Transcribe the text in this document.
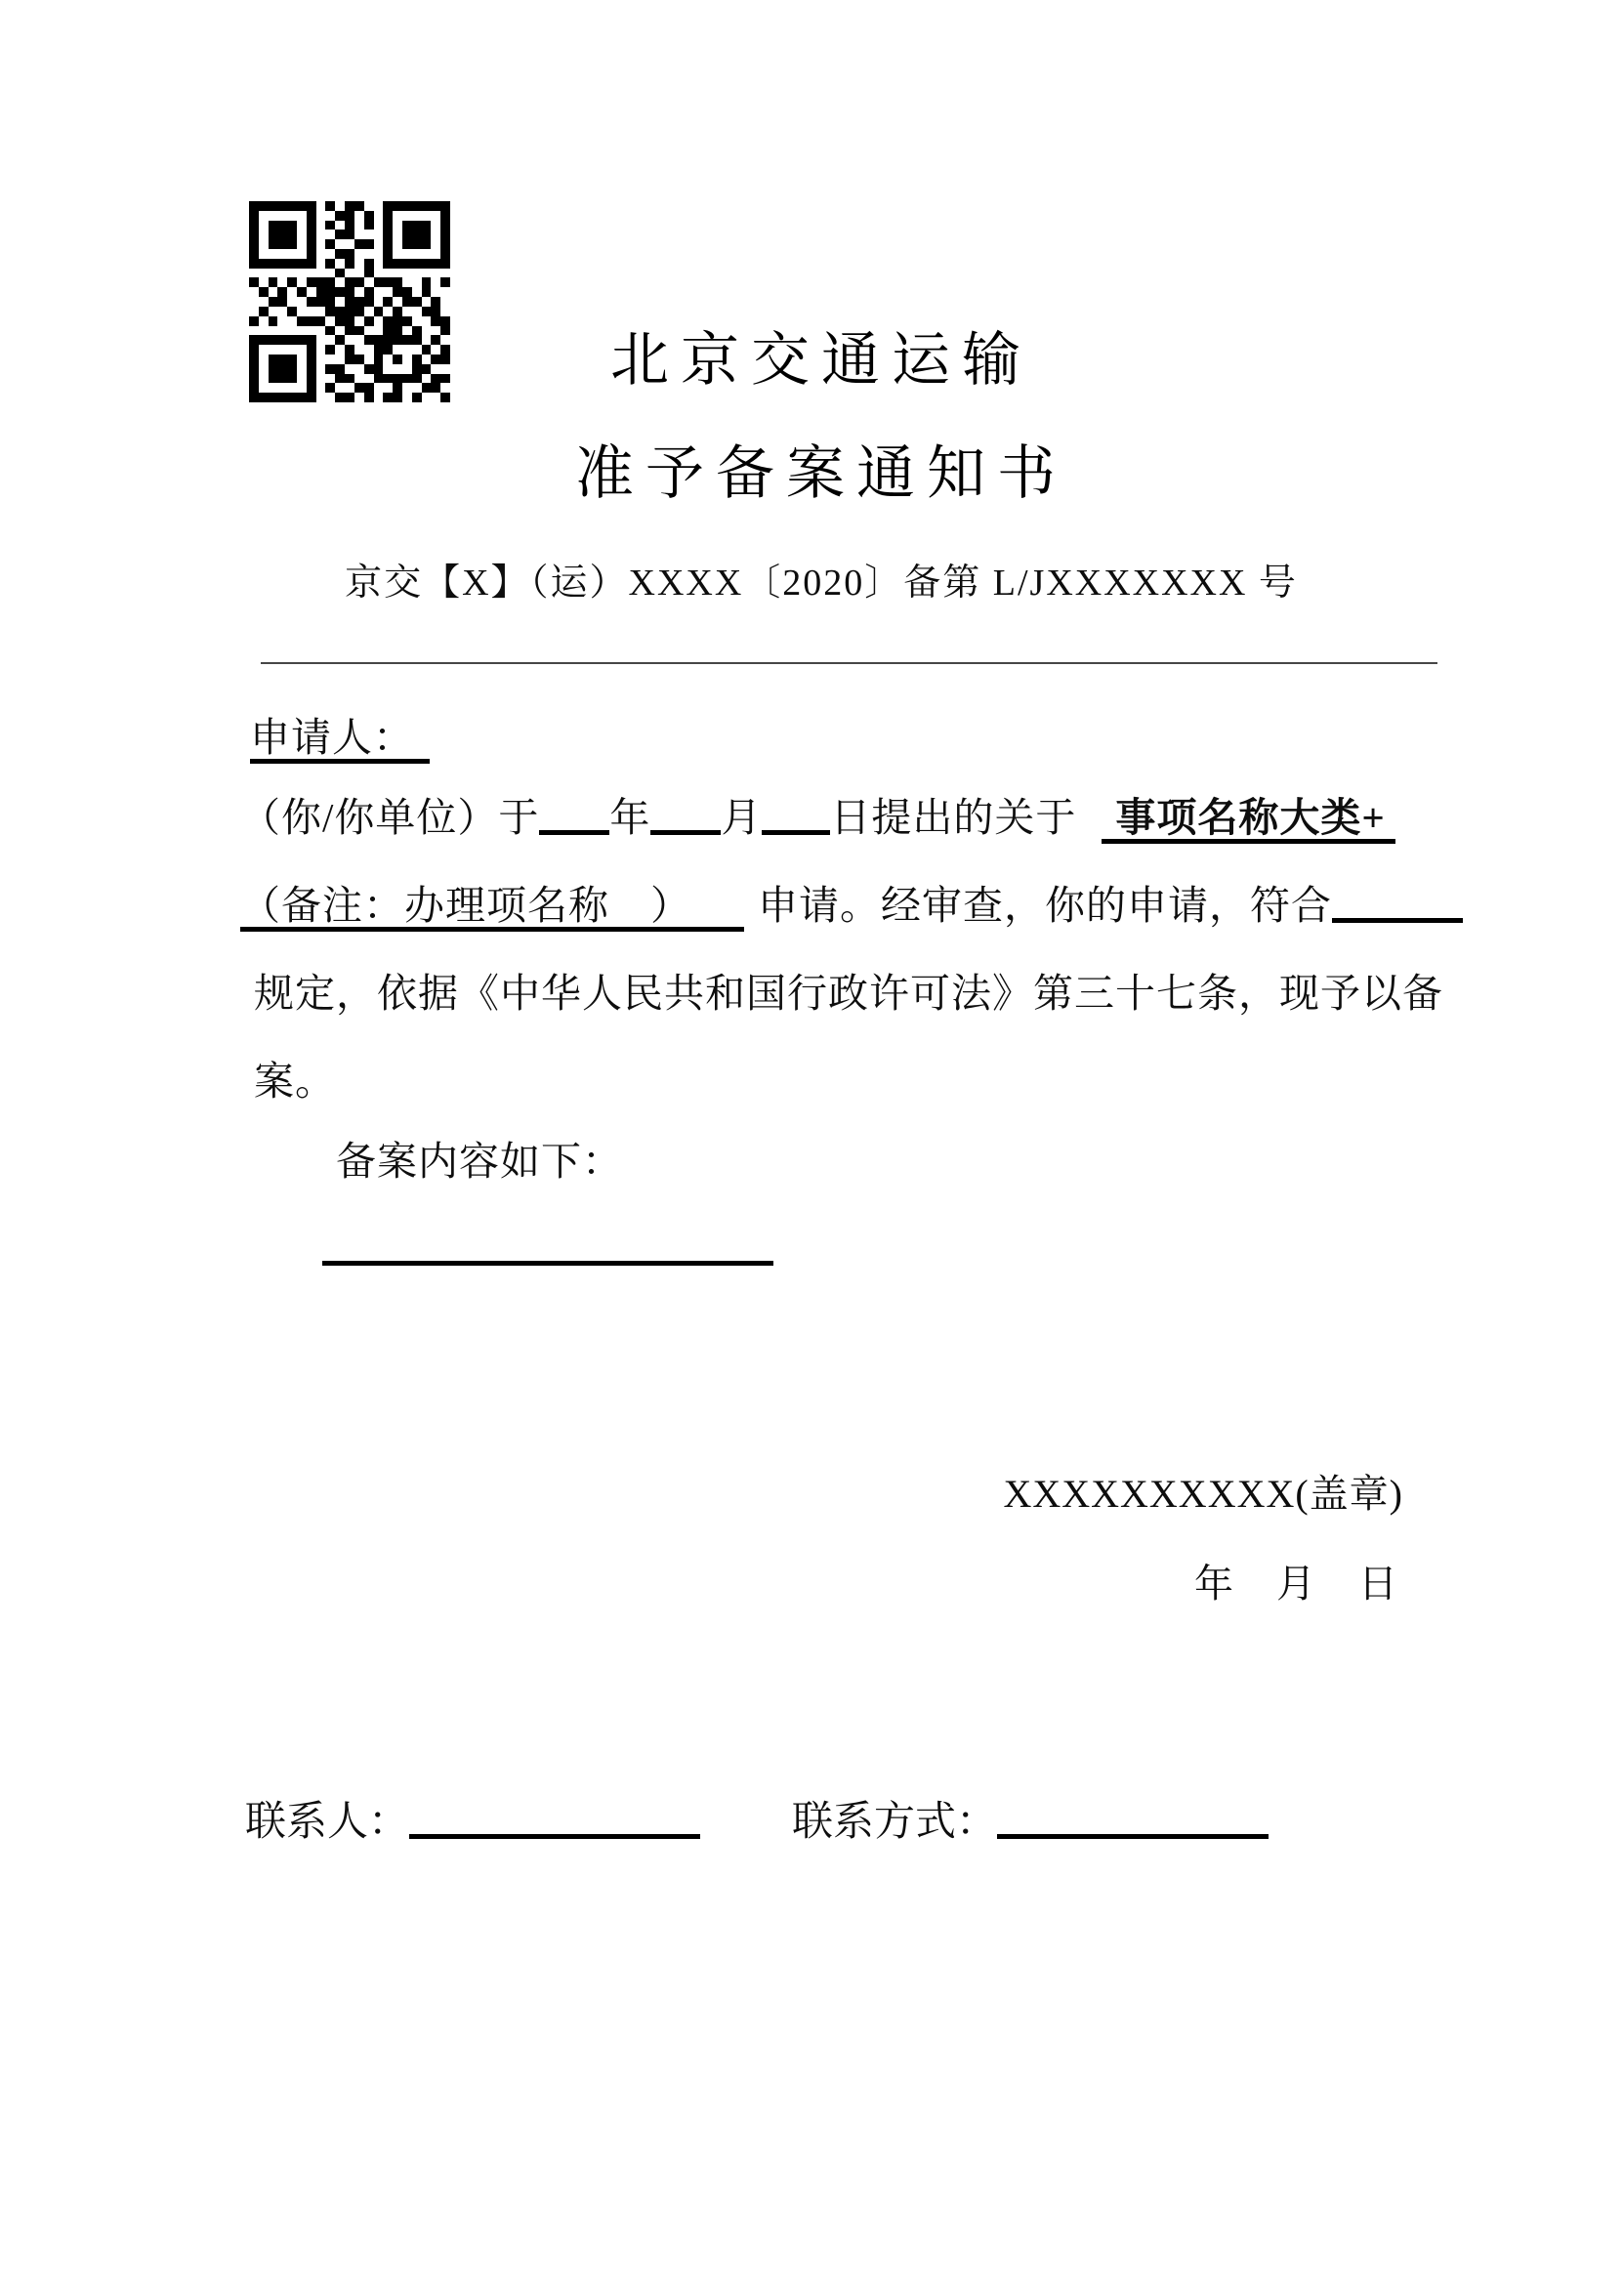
北京交通运输
准予备案通知书
京交【X】（运）XXXX〔2020〕备第 L/JXXXXXXX 号
申请人：
（你/你单位）于 年 月 日提出的关于 事项名称大类+
（备注：办理项名称　） 申请。经审查，你的申请，符合
规定，依据《中华人民共和国行政许可法》第三十七条，现予以备
案。
备案内容如下：
XXXXXXXXXX(盖章)
年　月　日
联系人：	联系方式：
